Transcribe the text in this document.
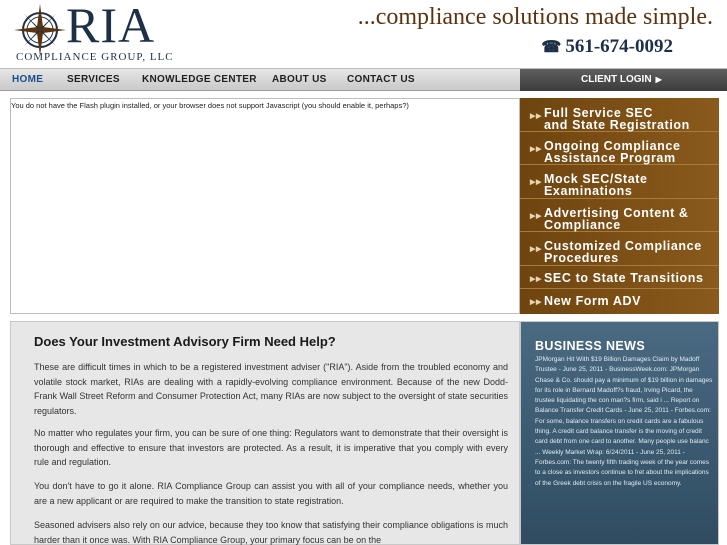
RIA
COMPLIANCE GROUP, LLC
...compliance solutions made simple.
☎ 561-674-0092
HOME SERVICES KNOWLEDGE CENTER ABOUT US CONTACT US	CLIENT LOGIN ▶
You do not have the Flash plugin installed, or your browser does not support Javascript (you should enable it, perhaps?)
▶▶ Full Service SEC
and State Registration
▶▶ Ongoing Compliance
Assistance Program
▶▶ Mock SEC/State
Examinations
▶▶ Advertising Content &
Compliance
▶▶ Customized Compliance
Procedures
▶▶ SEC to State Transitions
▶▶ New Form ADV
Does Your Investment Advisory Firm Need Help?

These are difficult times in which to be a registered investment adviser ("RIA"). Aside from the troubled economy and volatile stock market, RIAs are dealing with a rapidly-evolving compliance environment. Because of the new Dodd-Frank Wall Street Reform and Consumer Protection Act, many RIAs are now subject to the oversight of state securities regulators.

No matter who regulates your firm, you can be sure of one thing: Regulators want to demonstrate that their oversight is thorough and effective to ensure that investors are protected. As a result, it is imperative that you comply with every rule and regulation.

You don't have to go it alone. RIA Compliance Group can assist you with all of your compliance needs, whether you are a new applicant or are required to make the transition to state registration.

Seasoned advisers also rely on our advice, because they too know that satisfying their compliance obligations is much harder than it once was. With RIA Compliance Group, your primary focus can be on the

BUSINESS NEWS
JPMorgan Hit With $19 Billion Damages Claim by Madoff Trustee - June 25, 2011 - BusinessWeek.com: JPMorgan Chase & Co. should pay a minimum of $19 billion in damages for its role in Bernard Madoff?s fraud, Irving Picard, the trustee liquidating the con man?s firm, said i ... Report on Balance Transfer Credit Cards - June 25, 2011 - Forbes.com: For some, balance transfers on credit cards are a fabulous thing. A credit card balance transfer is the moving of credit card debt from one card to another. Many people use balanc ... Weekly Market Wrap: 6/24/2011 - June 25, 2011 - Forbes.com: The twenty fifth trading week of the year comes to a close as investors continue to fret about the implications of the Greek debt crisis on the fragile US economy.
